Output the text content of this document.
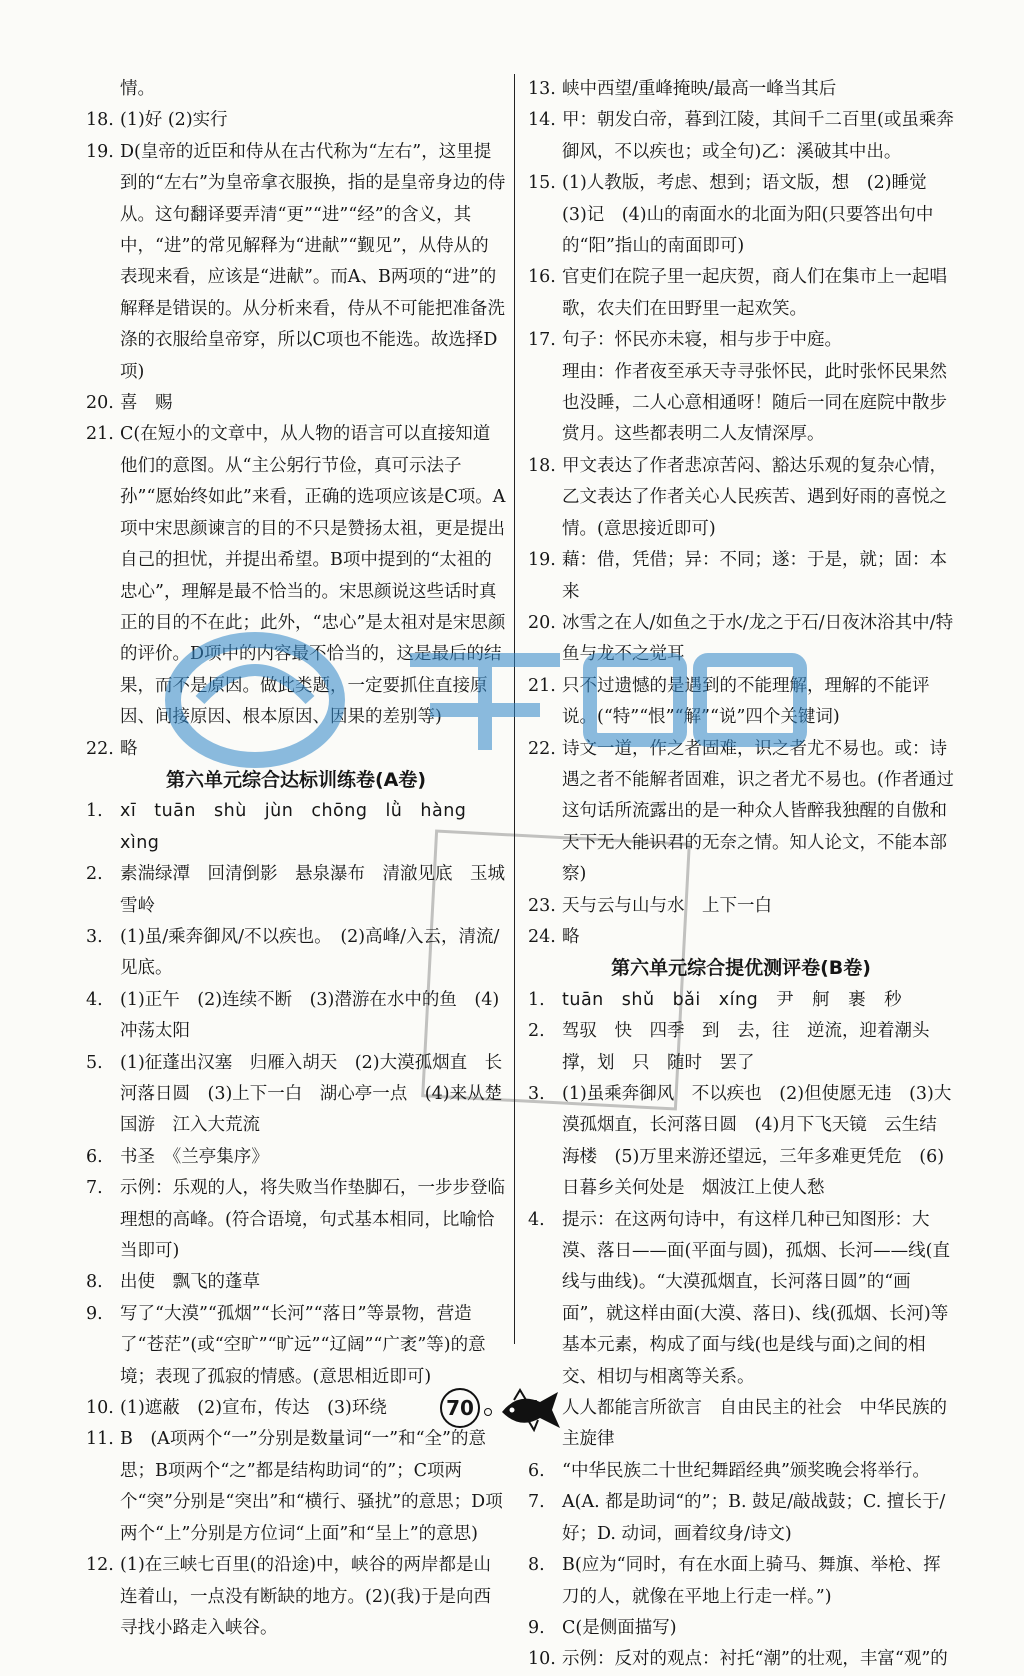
情。
18. (1)好 (2)实行
19. D(皇帝的近臣和侍从在古代称为“左右”，这里提到的“左右”为皇帝拿衣服换，指的是皇帝身边的侍从。这句翻译要弄清“更”“进”“经”的含义，其中，“进”的常见解释为“进献”“觐见”，从侍从的表现来看，应该是“进献”。而A、B两项的“进”的解释是错误的。从分析来看，侍从不可能把准备洗涤的衣服给皇帝穿，所以C项也不能选。故选择D项)
20. 喜　赐
21. C(在短小的文章中，从人物的语言可以直接知道他们的意图。从“主公躬行节俭，真可示法子孙”“愿始终如此”来看，正确的选项应该是C项。A项中宋思颜谏言的目的不只是赞扬太祖，更是提出自己的担忧，并提出希望。B项中提到的“太祖的忠心”，理解是最不恰当的。宋思颜说这些话时真正的目的不在此；此外，“忠心”是太祖对是宋思颜的评价。D项中的内容最不恰当的，这是最后的结果，而不是原因。做此类题，一定要抓住直接原因、间接原因、根本原因、因果的差别等)
22. 略
第六单元综合达标训练卷(A卷)
1. xī　tuān　shù　jùn　chōng　lǜ　hàng　xìng
2. 素湍绿潭　回清倒影　悬泉瀑布　清澈见底　玉城雪岭
3. (1)虽/乘奔御风/不以疾也。　(2)高峰/入云，清流/见底。
4. (1)正午　(2)连续不断　(3)潜游在水中的鱼　(4)冲荡太阳
5. (1)征蓬出汉塞　归雁入胡天　(2)大漠孤烟直　长河落日圆　(3)上下一白　湖心亭一点　(4)来从楚国游　江入大荒流
6. 书圣　《兰亭集序》
7. 示例：乐观的人，将失败当作垫脚石，一步步登临理想的高峰。(符合语境，句式基本相同，比喻恰当即可)
8. 出使　飘飞的蓬草
9. 写了“大漠”“孤烟”“长河”“落日”等景物，营造了“苍茫”(或“空旷”“旷远”“辽阔”“广袤”等)的意境；表现了孤寂的情感。(意思相近即可)
10. (1)遮蔽　(2)宣布，传达　(3)环绕
11. B　(A项两个“一”分别是数量词“一”和“全”的意思；B项两个“之”都是结构助词“的”；C项两个“突”分别是“突出”和“横行、骚扰”的意思；D项两个“上”分别是方位词“上面”和“呈上”的意思)
12. (1)在三峡七百里(的沿途)中，峡谷的两岸都是山连着山，一点没有断缺的地方。(2)(我)于是向西寻找小路走入峡谷。
13. 峡中西望/重峰掩映/最高一峰当其后
14. 甲：朝发白帝，暮到江陵，其间千二百里(或虽乘奔御风，不以疾也；或全句)乙：溪破其中出。
15. (1)人教版，考虑、想到；语文版，想　(2)睡觉　(3)记　(4)山的南面水的北面为阳(只要答出句中的“阳”指山的南面即可)
16. 官吏们在院子里一起庆贺，商人们在集市上一起唱歌，农夫们在田野里一起欢笑。
17. 句子：怀民亦未寝，相与步于中庭。
理由：作者夜至承天寺寻张怀民，此时张怀民果然也没睡，二人心意相通呀！随后一同在庭院中散步赏月。这些都表明二人友情深厚。
18. 甲文表达了作者悲凉苦闷、豁达乐观的复杂心情，乙文表达了作者关心人民疾苦、遇到好雨的喜悦之情。(意思接近即可)
19. 藉：借，凭借；异：不同；遂：于是，就；固：本来
20. 冰雪之在人/如鱼之于水/龙之于石/日夜沐浴其中/特鱼与龙不之觉耳
21. 只不过遗憾的是遇到的不能理解，理解的不能评说。(“特”“恨”“解”“说”四个关键词)
22. 诗文一道，作之者固难，识之者尤不易也。或：诗遇之者不能解者固难，识之者尤不易也。(作者通过这句话所流露出的是一种众人皆醉我独醒的自傲和天下无人能识君的无奈之情。知人论文，不能本部察)
23. 天与云与山与水　上下一白
24. 略
第六单元综合提优测评卷(B卷)
1. tuān　shǔ　bǎi　xíng　尹　舸　裹　秒
2. 驾驭　快　四季　到　去，往　逆流，迎着潮头　撑，划　只　随时　罢了
3. (1)虽乘奔御风　不以疾也　(2)但使愿无违　(3)大漠孤烟直，长河落日圆　(4)月下飞天镜　云生结海楼　(5)万里来游还望远，三年多难更凭危　(6)日暮乡关何处是　烟波江上使人愁
4. 提示：在这两句诗中，有这样几种已知图形：大漠、落日——面(平面与圆)，孤烟、长河——线(直线与曲线)。“大漠孤烟直，长河落日圆”的“画面”，就这样由面(大漠、落日)、线(孤烟、长河)等基本元素，构成了面与线(也是线与面)之间的相交、相切与相离等关系。
人人都能言所欲言　自由民主的社会　中华民族的主旋律
6. “中华民族二十世纪舞蹈经典”颁奖晚会将举行。
7. A(A. 都是助词“的”；B. 鼓足/敲战鼓；C. 擅长于/好；D. 动词，画着纹身/诗文)
8. B(应为“同时，有在水面上骑马、舞旗、举枪、挥刀的人，就像在平地上行走一样。”)
9. C(是侧面描写)
10. 示例：反对的观点：衬托“潮”的壮观，丰富“观”的
70
